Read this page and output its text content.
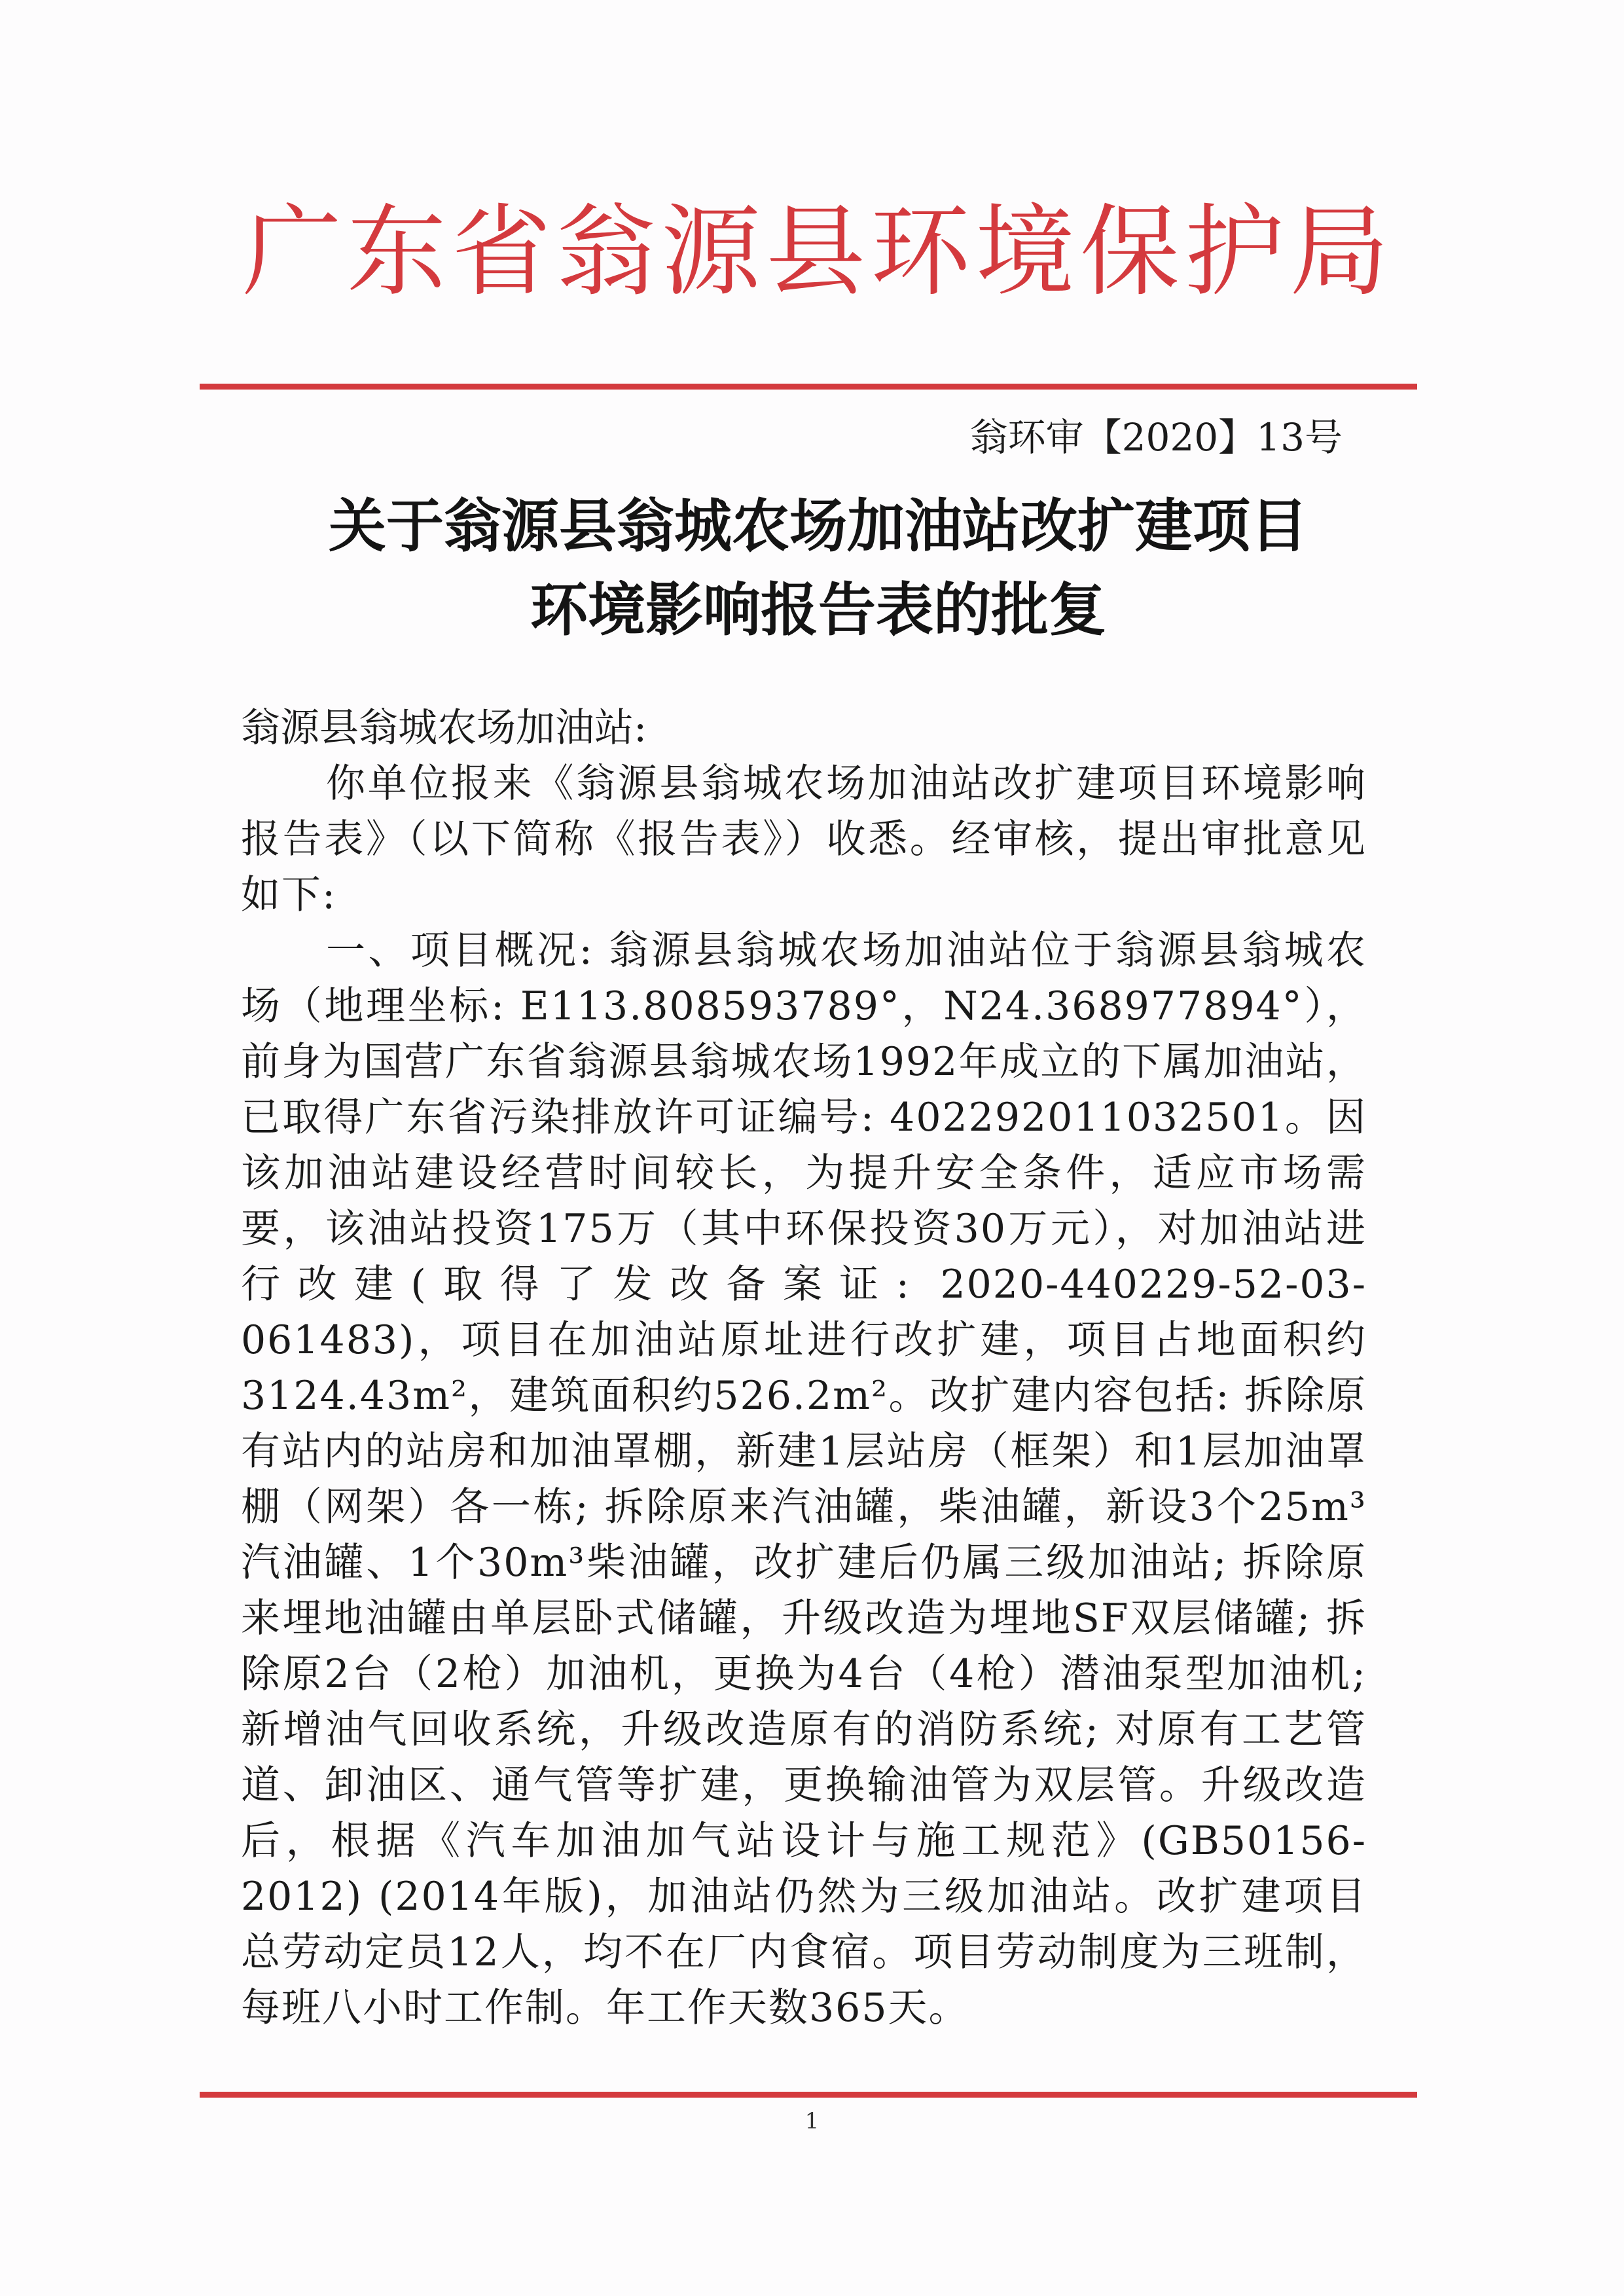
广东省翁源县环境保护局
翁环审【2020】13号
关于翁源县翁城农场加油站改扩建项目
环境影响报告表的批复
翁源县翁城农场加油站:

你单位报来《翁源县翁城农场加油站改扩建项目环境影响报告表》（以下简称《报告表》）收悉。经审核，提出审批意见如下:

一、项目概况: 翁源县翁城农场加油站位于翁源县翁城农场（地理坐标: E113.808593789°，N24.368977894°），前身为国营广东省翁源县翁城农场1992年成立的下属加油站，已取得广东省污染排放许可证编号: 402292011032501。因该加油站建设经营时间较长，为提升安全条件，适应市场需要，该油站投资175万（其中环保投资30万元），对加油站进行改建(取得了发改备案证: 2020-440229-52-03-061483)，项目在加油站原址进行改扩建，项目占地面积约3124.43m²，建筑面积约526.2m²。改扩建内容包括: 拆除原有站内的站房和加油罩棚，新建1层站房（框架）和1层加油罩棚（网架）各一栋; 拆除原来汽油罐，柴油罐，新设3个25m³汽油罐、1个30m³柴油罐，改扩建后仍属三级加油站; 拆除原来埋地油罐由单层卧式储罐，升级改造为埋地SF双层储罐; 拆除原2台（2枪）加油机，更换为4台（4枪）潜油泵型加油机; 新增油气回收系统，升级改造原有的消防系统; 对原有工艺管道、卸油区、通气管等扩建，更换输油管为双层管。升级改造后，根据《汽车加油加气站设计与施工规范》(GB50156-2012) (2014年版)，加油站仍然为三级加油站。改扩建项目总劳动定员12人，均不在厂内食宿。项目劳动制度为三班制，每班八小时工作制。年工作天数365天。

1
